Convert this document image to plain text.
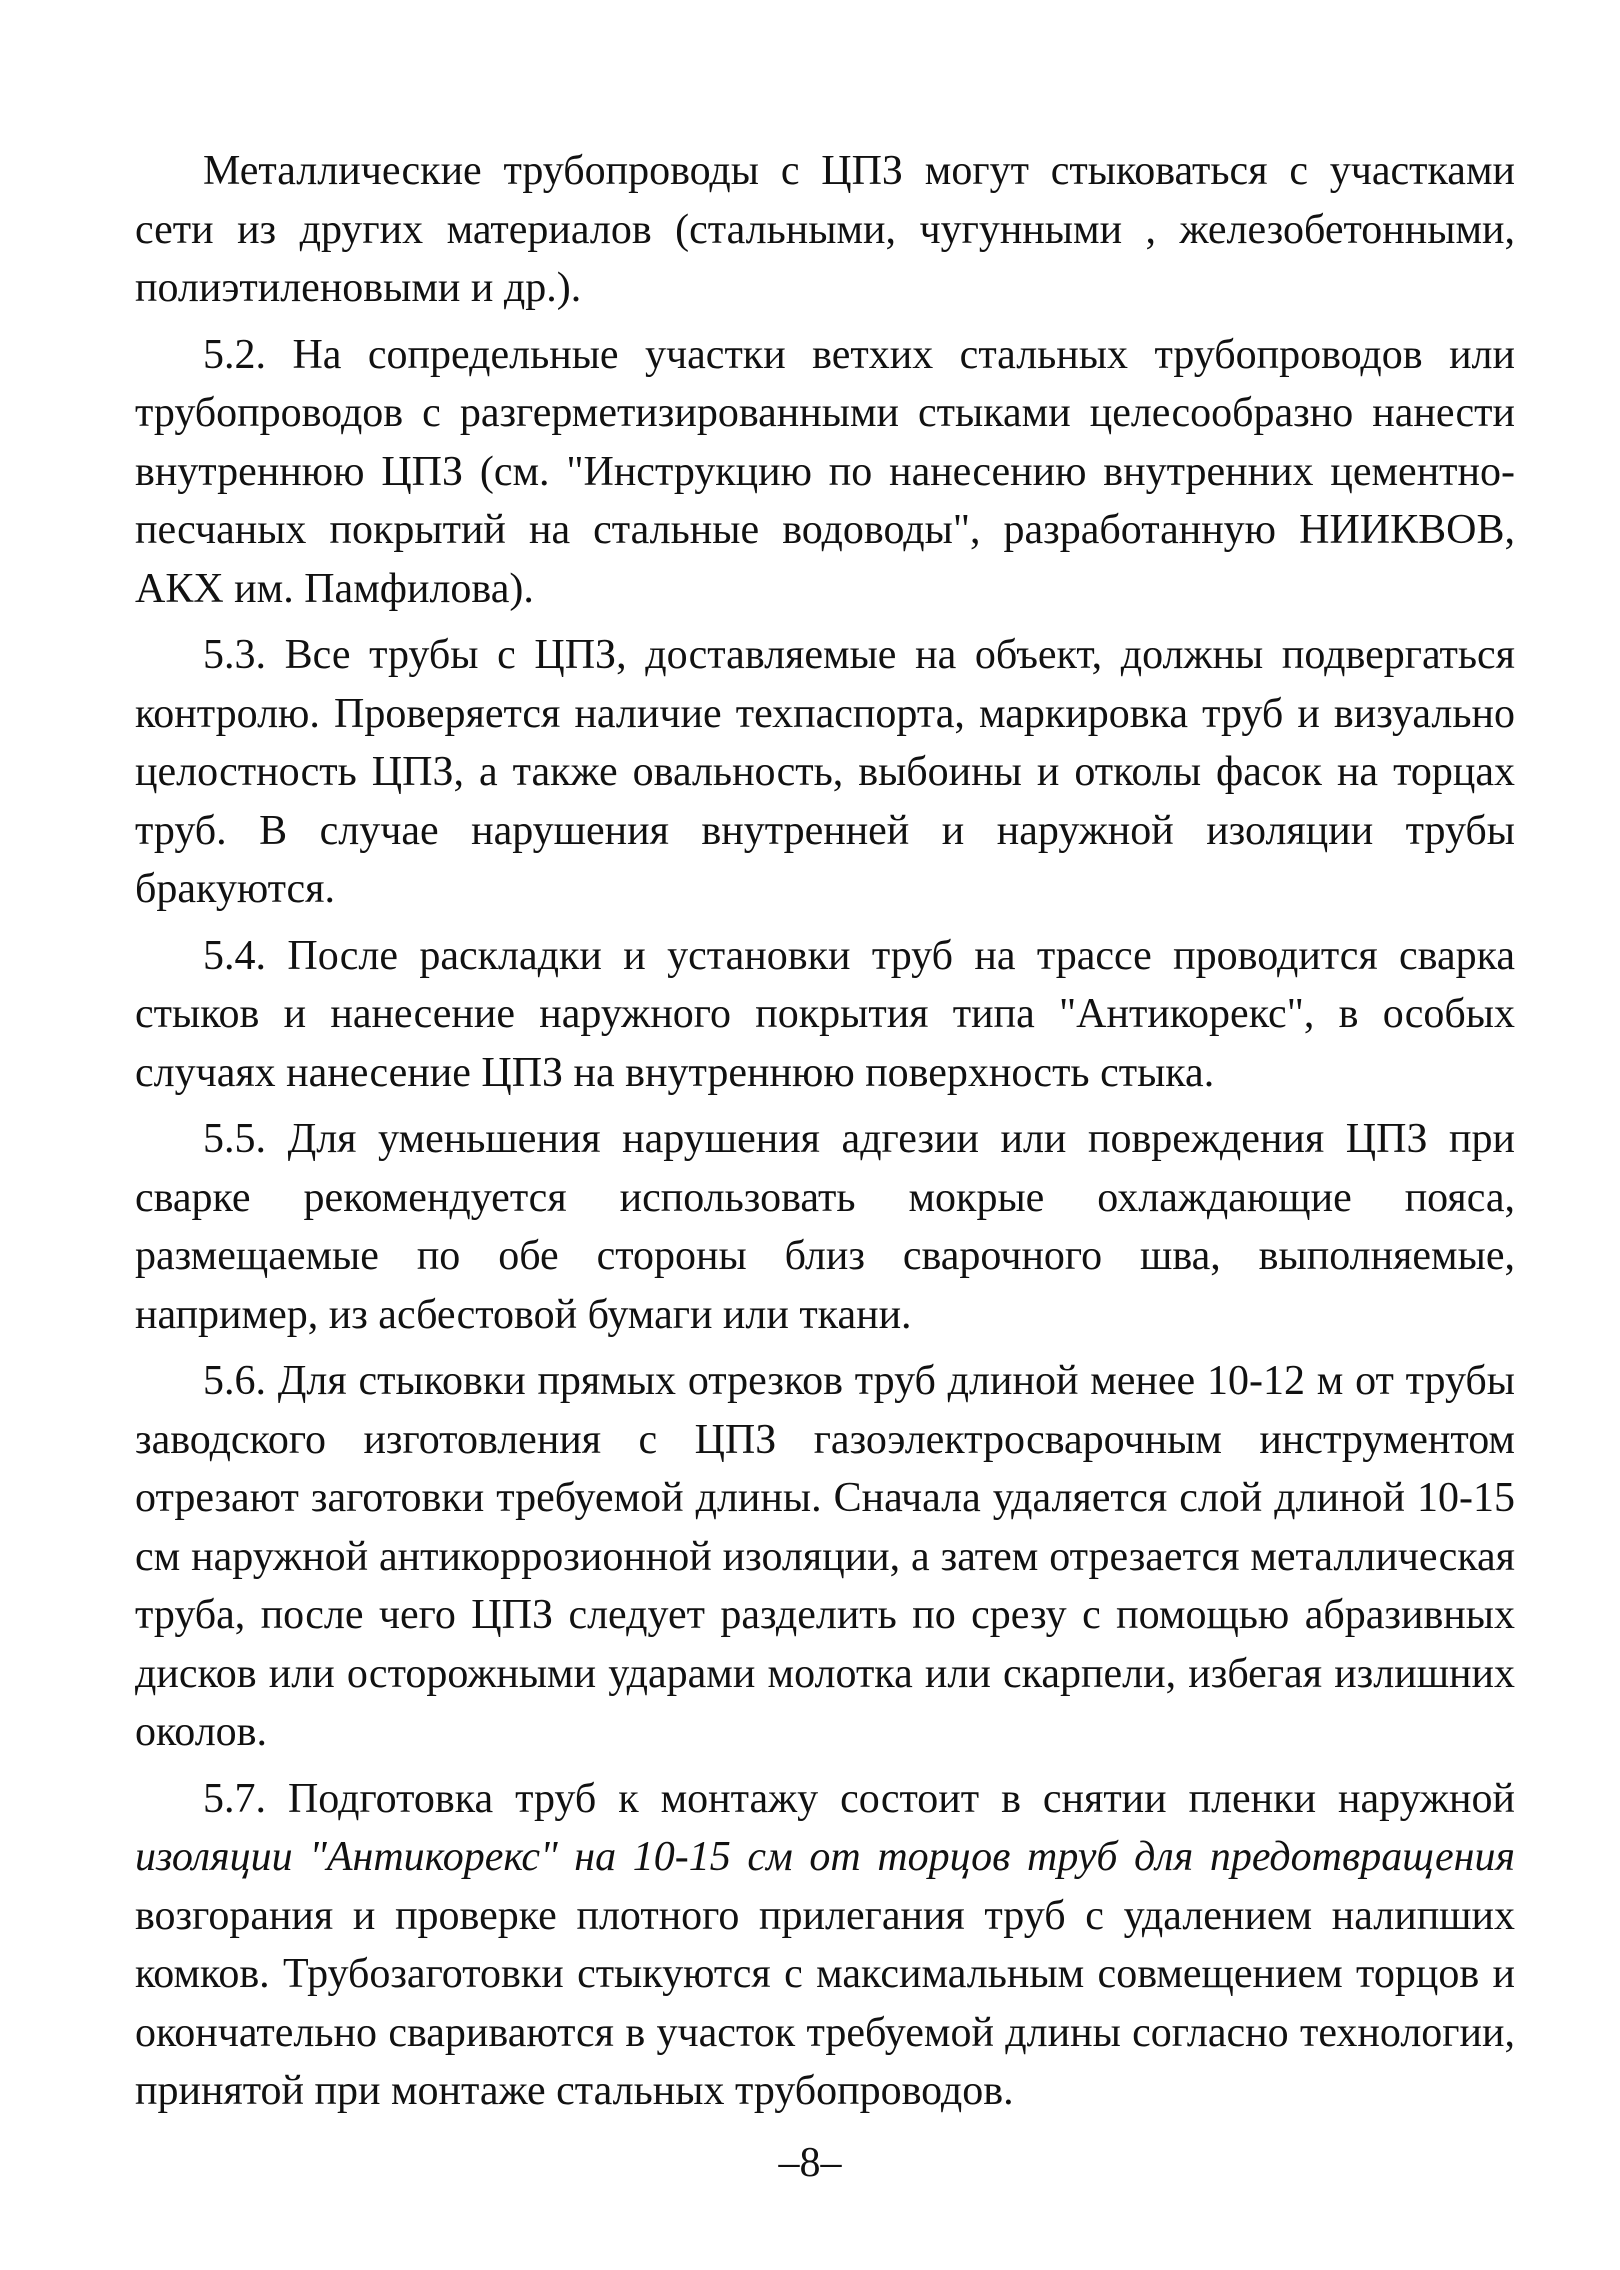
Металлические трубопроводы с ЦПЗ могут стыковаться с участками сети из других материалов (стальными, чугунными , железобетонными, полиэтиленовыми и др.).

5.2. На сопредельные участки ветхих стальных трубопроводов или трубопроводов с разгерметизированными стыками целесообразно нанести внутреннюю ЦПЗ (см. "Инструкцию по нанесению внутренних цементно-песчаных покрытий на стальные водоводы", разработанную НИИКВОВ, АКХ им. Памфилова).

5.3. Все трубы с ЦПЗ, доставляемые на объект, должны подвергаться контролю. Проверяется наличие техпаспорта, маркировка труб и визуально целостность ЦПЗ, а также овальность, выбоины и отколы фасок на торцах труб. В случае нарушения внутренней и наружной изоляции трубы бракуются.

5.4. После раскладки и установки труб на трассе проводится сварка стыков и нанесение наружного покрытия типа "Антикорекс", в особых случаях нанесение ЦПЗ на внутреннюю поверхность стыка.

5.5. Для уменьшения нарушения адгезии или повреждения ЦПЗ при сварке рекомендуется использовать мокрые охлаждающие пояса, размещаемые по обе стороны близ сварочного шва, выполняемые, например, из асбестовой бумаги или ткани.

5.6. Для стыковки прямых отрезков труб длиной менее 10-12 м от трубы заводского изготовления с ЦПЗ газоэлектросварочным инструментом отрезают заготовки требуемой длины. Сначала удаляется слой длиной 10-15 см наружной антикоррозионной изоляции, а затем отрезается металлическая труба, после чего ЦПЗ следует разделить по срезу с помощью абразивных дисков или осторожными ударами молотка или скарпели, избегая излишних околов.

5.7. Подготовка труб к монтажу состоит в снятии пленки наружной изоляции "Антикорекс" на 10-15 см от торцов труб для предотвращения возгорания и проверке плотного прилегания труб с удалением налипших комков. Трубозаготовки стыкуются с максимальным совмещением торцов и окончательно свариваются в участок требуемой длины согласно технологии, принятой при монтаже стальных трубопроводов.

–8–
